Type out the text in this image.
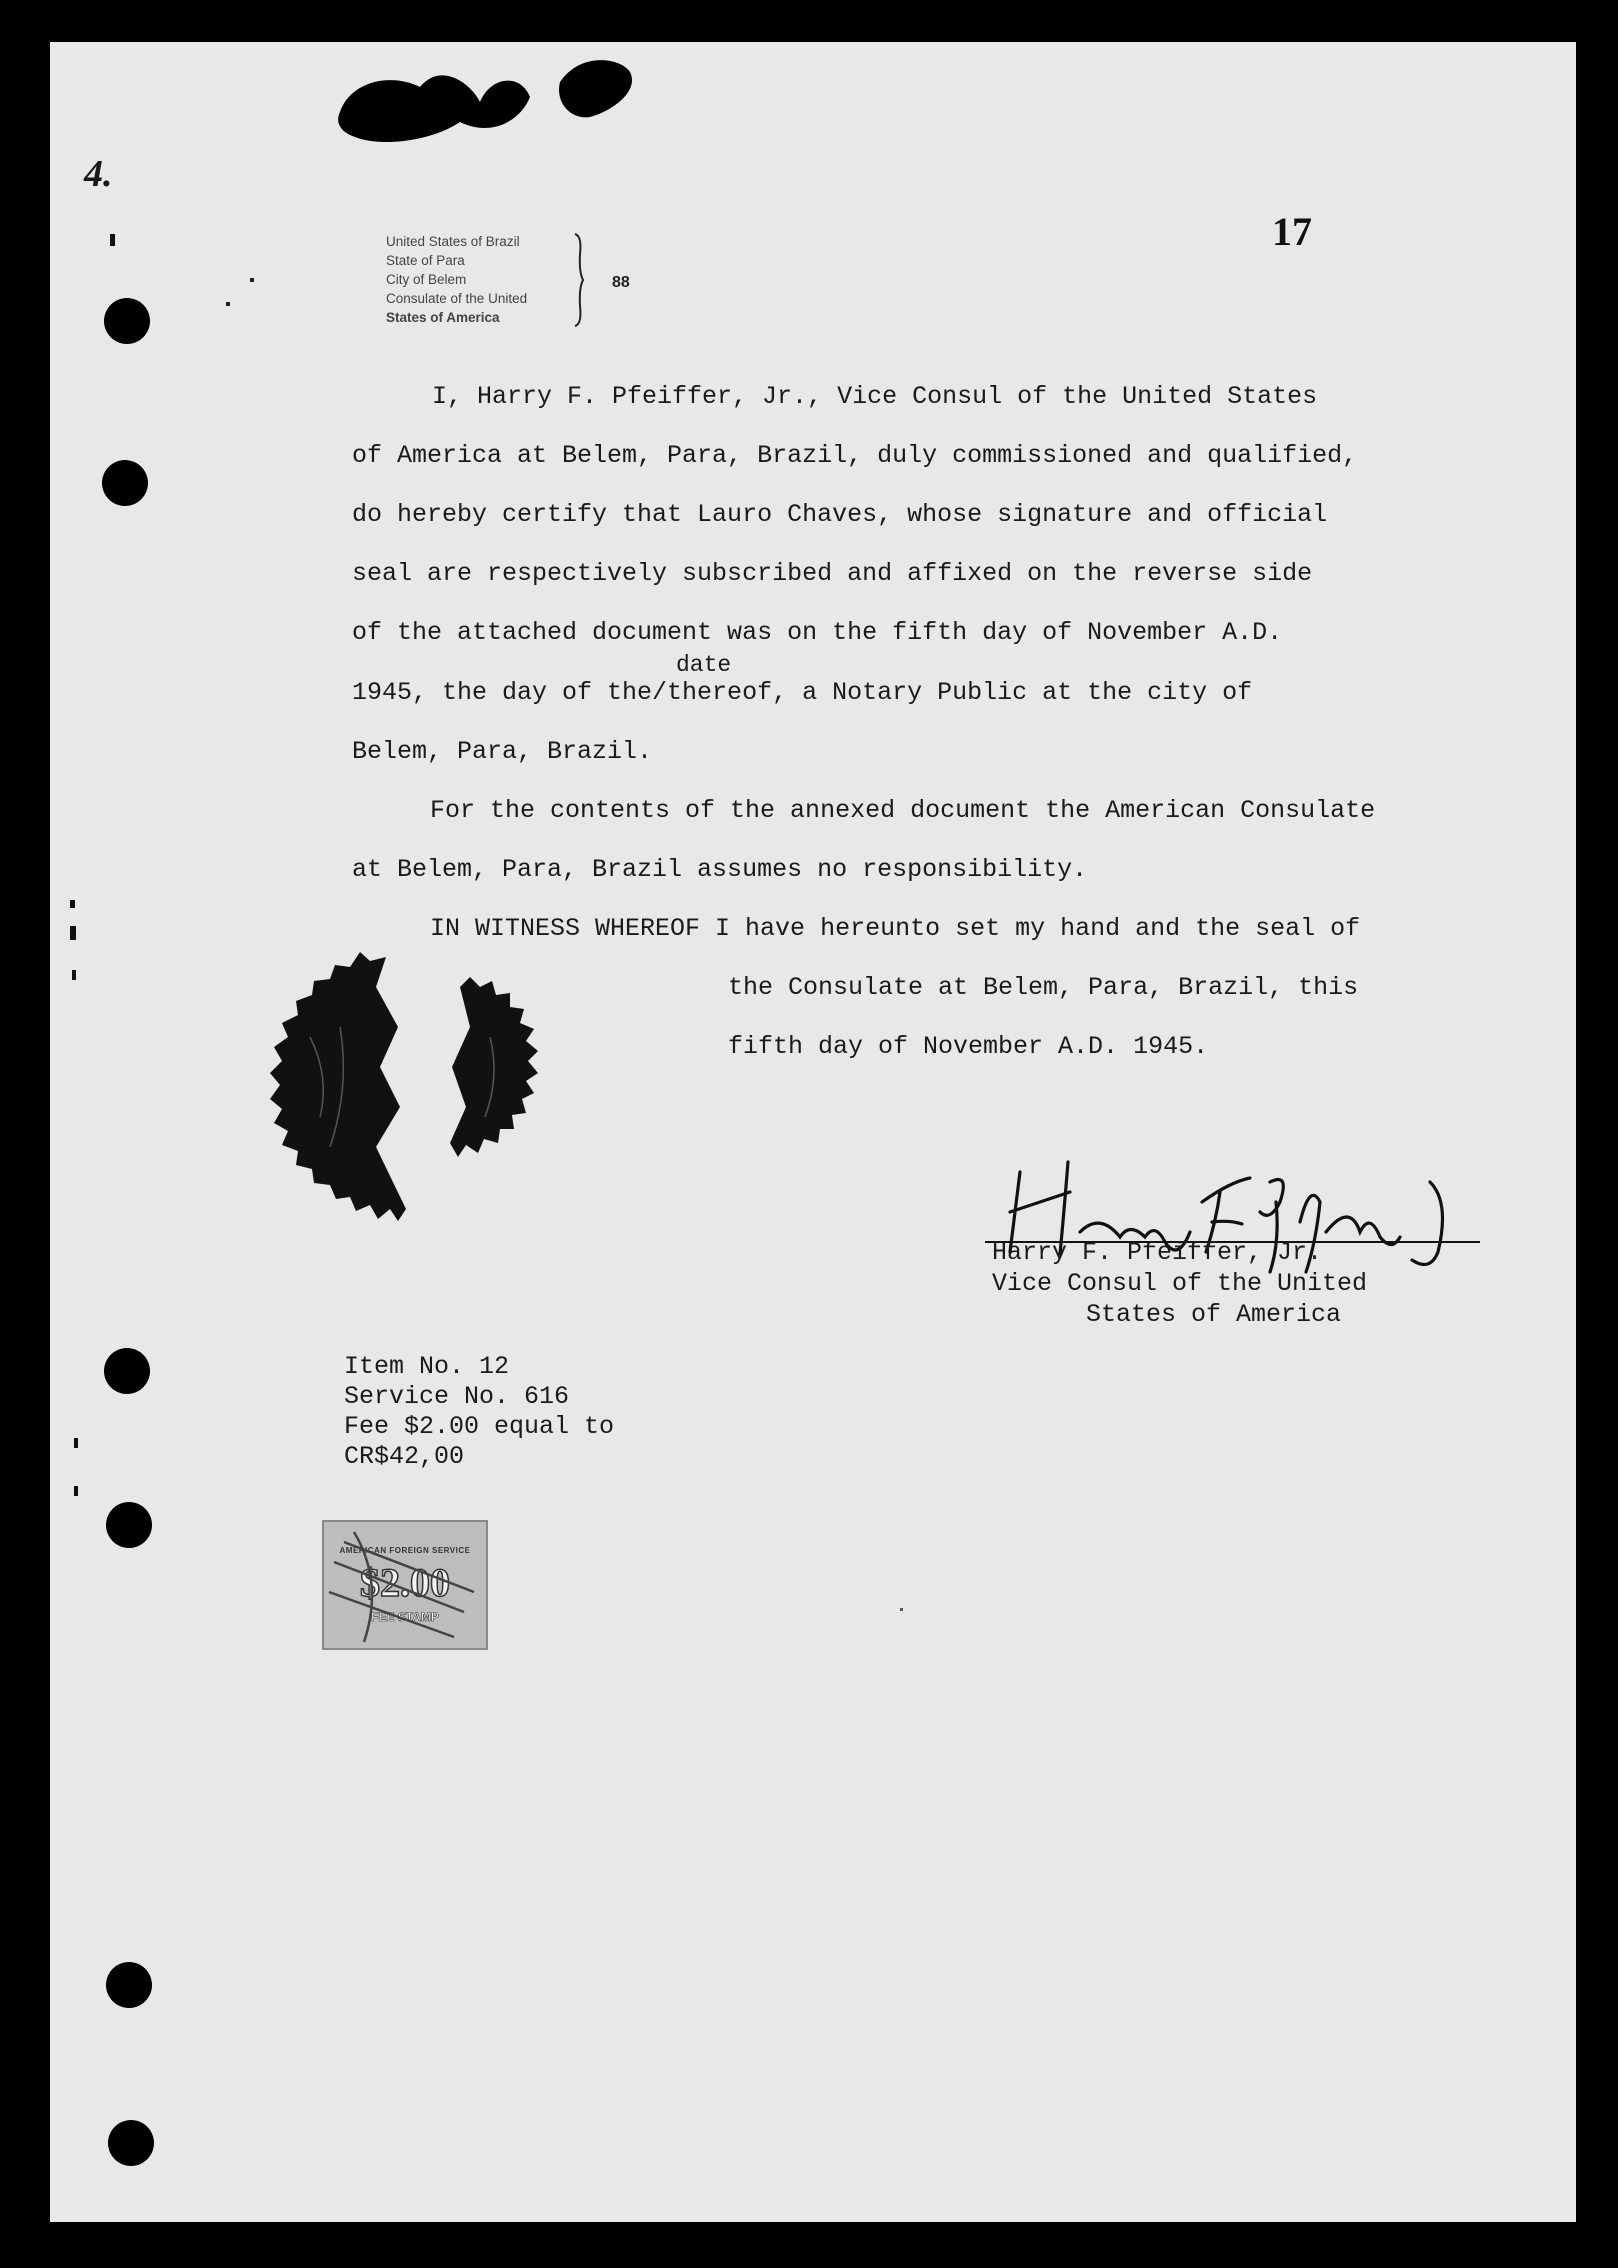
4.
United States of Brazil
State of Para
City of Belem
Consulate of the United
States of America
88
17
I, Harry F. Pfeiffer, Jr., Vice Consul of the United States
of America at Belem, Para, Brazil, duly commissioned and qualified,
do hereby certify that Lauro Chaves, whose signature and official
seal are respectively subscribed and affixed on the reverse side
of the attached document was on the fifth day of November A.D.
date
1945, the day of the/thereof, a Notary Public at the city of
Belem, Para, Brazil.
For the contents of the annexed document the American Consulate
at Belem, Para, Brazil assumes no responsibility.
IN WITNESS WHEREOF I have hereunto set my hand and the seal of
the Consulate at Belem, Para, Brazil, this
fifth day of November A.D. 1945.
Harry F. Pfeiffer, Jr.
Vice Consul of the United
States of America
Item No. 12
Service No. 616
Fee $2.00 equal to
CR$42,00
AMERICAN FOREIGN SERVICE
$2.00
FEE STAMP
